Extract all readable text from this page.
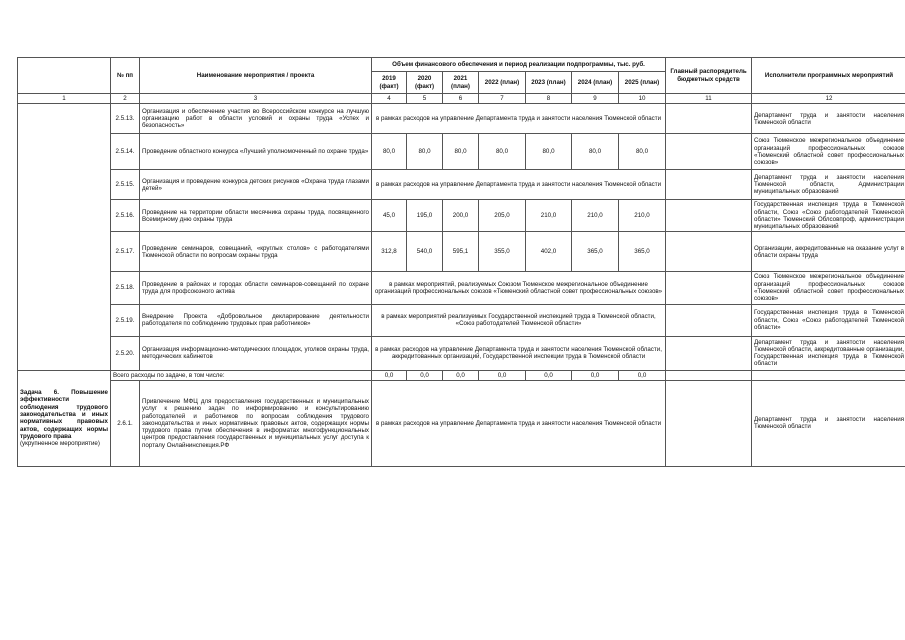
	№ пп	Наименование мероприятия / проекта	Объем финансового обеспечения и период реализации подпрограммы, тыс. руб.							Главный распорядитель бюджетных средств	Исполнители программных мероприятий
			2019 (факт)	2020 (факт)	2021 (план)	2022 (план)	2023 (план)	2024 (план)	2025 (план)		
1	2	3	4	5	6	7	8	9	10	11	12
	2.5.13.	Организация и обеспечение участия во Всероссийском конкурсе на лучшую организацию работ в области условий и охраны труда «Успех и безопасность»	в рамках расходов на управление Департамента труда и занятости населения Тюменской области								Департамент труда и занятости населения Тюменской области
	2.5.14.	Проведение областного конкурса «Лучший уполномоченный по охране труда»	80,0	80,0	80,0	80,0	80,0	80,0	80,0		Союз Тюменское межрегиональное объединение организаций профессиональных союзов «Тюменский областной совет профессиональных союзов»
	2.5.15.	Организация и проведение конкурса детских рисунков «Охрана труда глазами детей»	в рамках расходов на управление Департамента труда и занятости населения Тюменской области								Департамент труда и занятости населения Тюменской области, Администрации муниципальных образований
	2.5.16.	Проведение на территории области месячника охраны труда, посвященного Всемирному дню охраны труда	45,0	195,0	200,0	205,0	210,0	210,0	210,0		Государственная инспекция труда в Тюменской области, Союз «Союз работодателей Тюменской области» Тюменский Облсовпроф, администрации муниципальных образований

	2.5.17.	Проведение семинаров, совещаний, «круглых столов» с работодателями Тюменской области по вопросам охраны труда	312,8	540,0	595,1	355,0	402,0	365,0	365,0		Организации, аккредитованные на оказание услуг в области охраны труда
	2.5.18.	Проведение в районах и городах области семинаров-совещаний по охране труда для профсоюзного актива	в рамках мероприятий, реализуемых Союзом Тюменское межрегиональное объединение организаций профессиональных союзов «Тюменский областной совет профессиональных союзов»								Союз Тюменское межрегиональное объединение организаций профессиональных союзов «Тюменский областной совет профессиональных союзов»
	2.5.19.	Внедрение Проекта «Добровольное декларирование деятельности работодателя по соблюдению трудовых прав работников»	в рамках мероприятий реализуемых Государственной инспекцией труда в Тюменской области, «Союз работодателей Тюменской области»								Государственная инспекция труда в Тюменской области, Союз «Союз работодателей Тюменской области»
	2.5.20.	Организация информационно-методических площадок, уголков охраны труда, методических кабинетов	в рамках расходов на управление Департамента труда и занятости населения Тюменской области, аккредитованных организаций, Государственной инспекции труда в Тюменской области								Департамент труда и занятости населения Тюменской области, аккредитованные организации, Государственная инспекция труда в Тюменской области

Задача 6. Повышение эффективности соблюдения трудового законодательства и иных нормативных правовых актов, содержащих нормы трудового права
(укрупненное мероприятие)	Всего расходы по задаче, в том числе:		0,0	0,0	0,0	0,0	0,0	0,0	0,0		
	2.6.1.	Привлечение МФЦ для предоставления государственных и муниципальных услуг к решению задач по информированию и консультированию работодателей и работников по вопросам соблюдения трудового законодательства и иных нормативных правовых актов, содержащих нормы трудового права путем обеспечения в информатах многофункциональных центров предоставления государственных и муниципальных услуг доступа к порталу Онлайнинспекция.РФ	в рамках расходов на управление Департамента труда и занятости населения Тюменской области								Департамент труда и занятости населения Тюменской области
